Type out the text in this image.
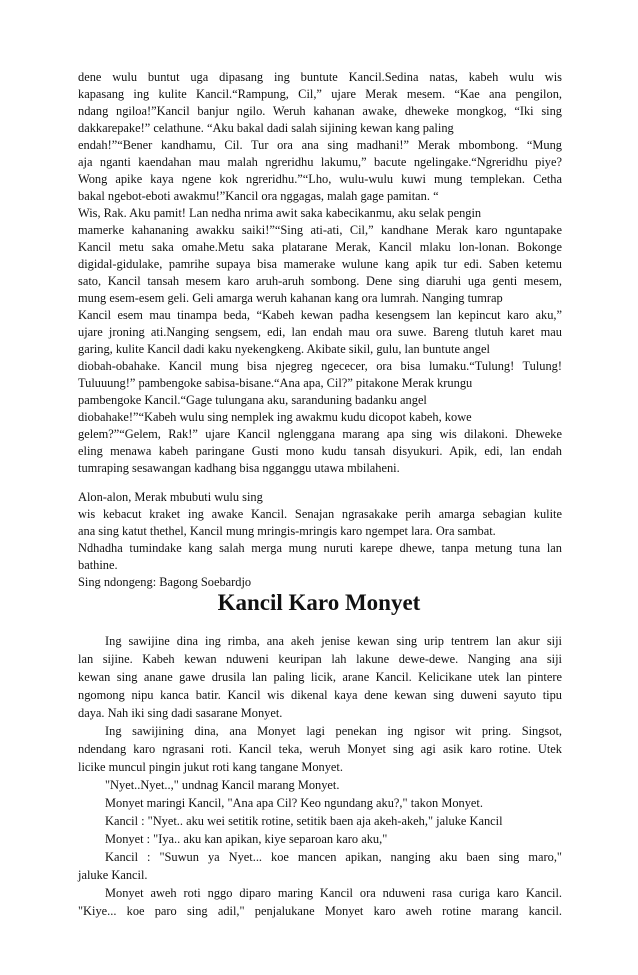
dene wulu buntut uga dipasang ing buntute Kancil.Sedina natas, kabeh wulu wis
kapasang ing kulite Kancil.“Rampung, Cil,” ujare Merak mesem. “Kae ana pengilon,
ndang ngiloa!”Kancil banjur ngilo. Weruh kahanan awake, dheweke mongkog, “Iki sing
dakkarepake!” celathune. “Aku bakal dadi salah sijining kewan kang paling
endah!”“Bener kandhamu, Cil. Tur ora ana sing madhani!” Merak mbombong. “Mung
aja nganti kaendahan mau malah ngreridhu lakumu,” bacute ngelingake.“Ngreridhu piye?
Wong apike kaya ngene kok ngreridhu.”“Lho, wulu-wulu kuwi mung templekan. Cetha
bakal ngebot-eboti awakmu!”Kancil ora nggagas, malah gage pamitan. “
Wis, Rak. Aku pamit! Lan nedha nrima awit saka kabecikanmu, aku selak pengin
mamerke kahananing awakku saiki!”“Sing ati-ati, Cil,” kandhane Merak karo nguntapake
Kancil metu saka omahe.Metu saka platarane Merak, Kancil mlaku lon-lonan. Bokonge
digidal-gidulake, pamrihe supaya bisa mamerake wulune kang apik tur edi. Saben ketemu
sato, Kancil tansah mesem karo aruh-aruh sombong. Dene sing diaruhi uga genti mesem,
mung esem-esem geli. Geli amarga weruh kahanan kang ora lumrah. Nanging tumrap
Kancil esem mau tinampa beda, “Kabeh kewan padha kesengsem lan kepincut karo aku,”
ujare jroning ati.Nanging sengsem, edi, lan endah mau ora suwe. Bareng tlutuh karet mau
garing, kulite Kancil dadi kaku nyekengkeng. Akibate sikil, gulu, lan buntute angel
diobah-obahake. Kancil mung bisa njegreg ngececer, ora bisa lumaku.“Tulung! Tulung!
Tuluuung!” pambengoke sabisa-bisane.“Ana apa, Cil?” pitakone Merak krungu
pambengoke Kancil.“Gage tulungana aku, saranduning badanku angel
diobahake!”“Kabeh wulu sing nemplek ing awakmu kudu dicopot kabeh, kowe
gelem?”“Gelem, Rak!” ujare Kancil nglenggana marang apa sing wis dilakoni. Dheweke
eling menawa kabeh paringane Gusti mono kudu tansah disyukuri. Apik, edi, lan endah
tumraping sesawangan kadhang bisa ngganggu utawa mbilaheni.
Alon-alon, Merak mbubuti wulu sing
wis kebacut kraket ing awake Kancil. Senajan ngrasakake perih amarga sebagian kulite
ana sing katut thethel, Kancil mung mringis-mringis karo ngempet lara. Ora sambat.
Ndhadha tumindake kang salah merga mung nuruti karepe dhewe, tanpa metung tuna lan
bathine.
Sing ndongeng: Bagong Soebardjo
Kancil Karo Monyet
Ing sawijine dina ing rimba, ana akeh jenise kewan sing urip tentrem lan akur siji
lan sijine. Kabeh kewan nduweni keuripan lah lakune dewe-dewe. Nanging ana siji
kewan sing anane gawe drusila lan paling licik, arane Kancil. Kelicikane utek lan pintere
ngomong nipu kanca batir. Kancil wis dikenal kaya dene kewan sing duweni sayuto tipu
daya. Nah iki sing dadi sasarane Monyet.
Ing sawijining dina, ana Monyet lagi penekan ing ngisor wit pring. Singsot,
ndendang karo ngrasani roti. Kancil teka, weruh Monyet sing agi asik karo rotine. Utek
licike muncul pingin jukut roti kang tangane Monyet.
"Nyet..Nyet..," undnag Kancil marang Monyet.
Monyet maringi Kancil, "Ana apa Cil? Keo ngundang aku?," takon Monyet.
Kancil : "Nyet.. aku wei setitik rotine, setitik baen aja akeh-akeh," jaluke Kancil
Monyet : "Iya.. aku kan apikan, kiye separoan karo aku,"
Kancil : "Suwun ya Nyet... koe mancen apikan, nanging aku baen sing maro,"
jaluke Kancil.
Monyet aweh roti nggo diparo maring Kancil ora nduweni rasa curiga karo Kancil.
"Kiye... koe paro sing adil," penjalukane Monyet karo aweh rotine marang kancil.
